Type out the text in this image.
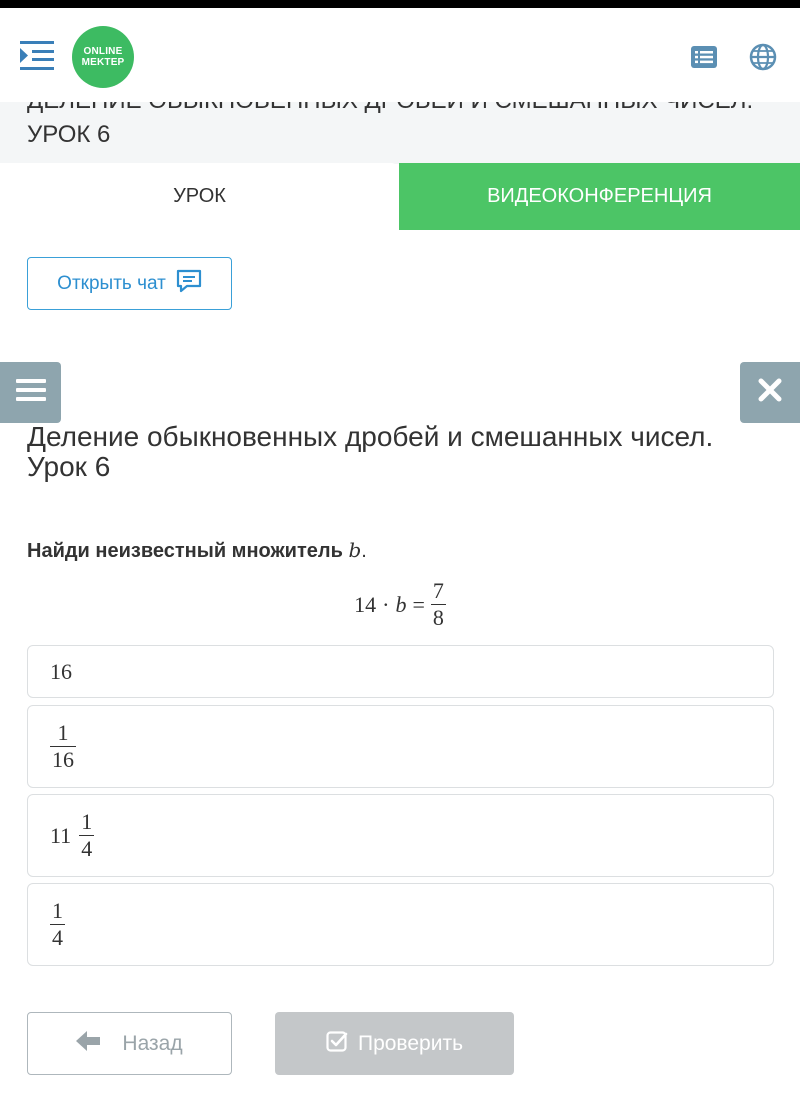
УРОК 6
ONLINE
MEKTEP
УРОК	ВИДЕОКОНФЕРЕНЦИЯ
Открыть чат
Деление обыкновенных дробей и смешанных чисел. Урок 6
Найди неизвестный множитель b.
$14 \cdot b = \frac{7}{8}$
16
$\frac{1}{16}$
$11 \frac{1}{4}$
$\frac{1}{4}$
Назад	Проверить
